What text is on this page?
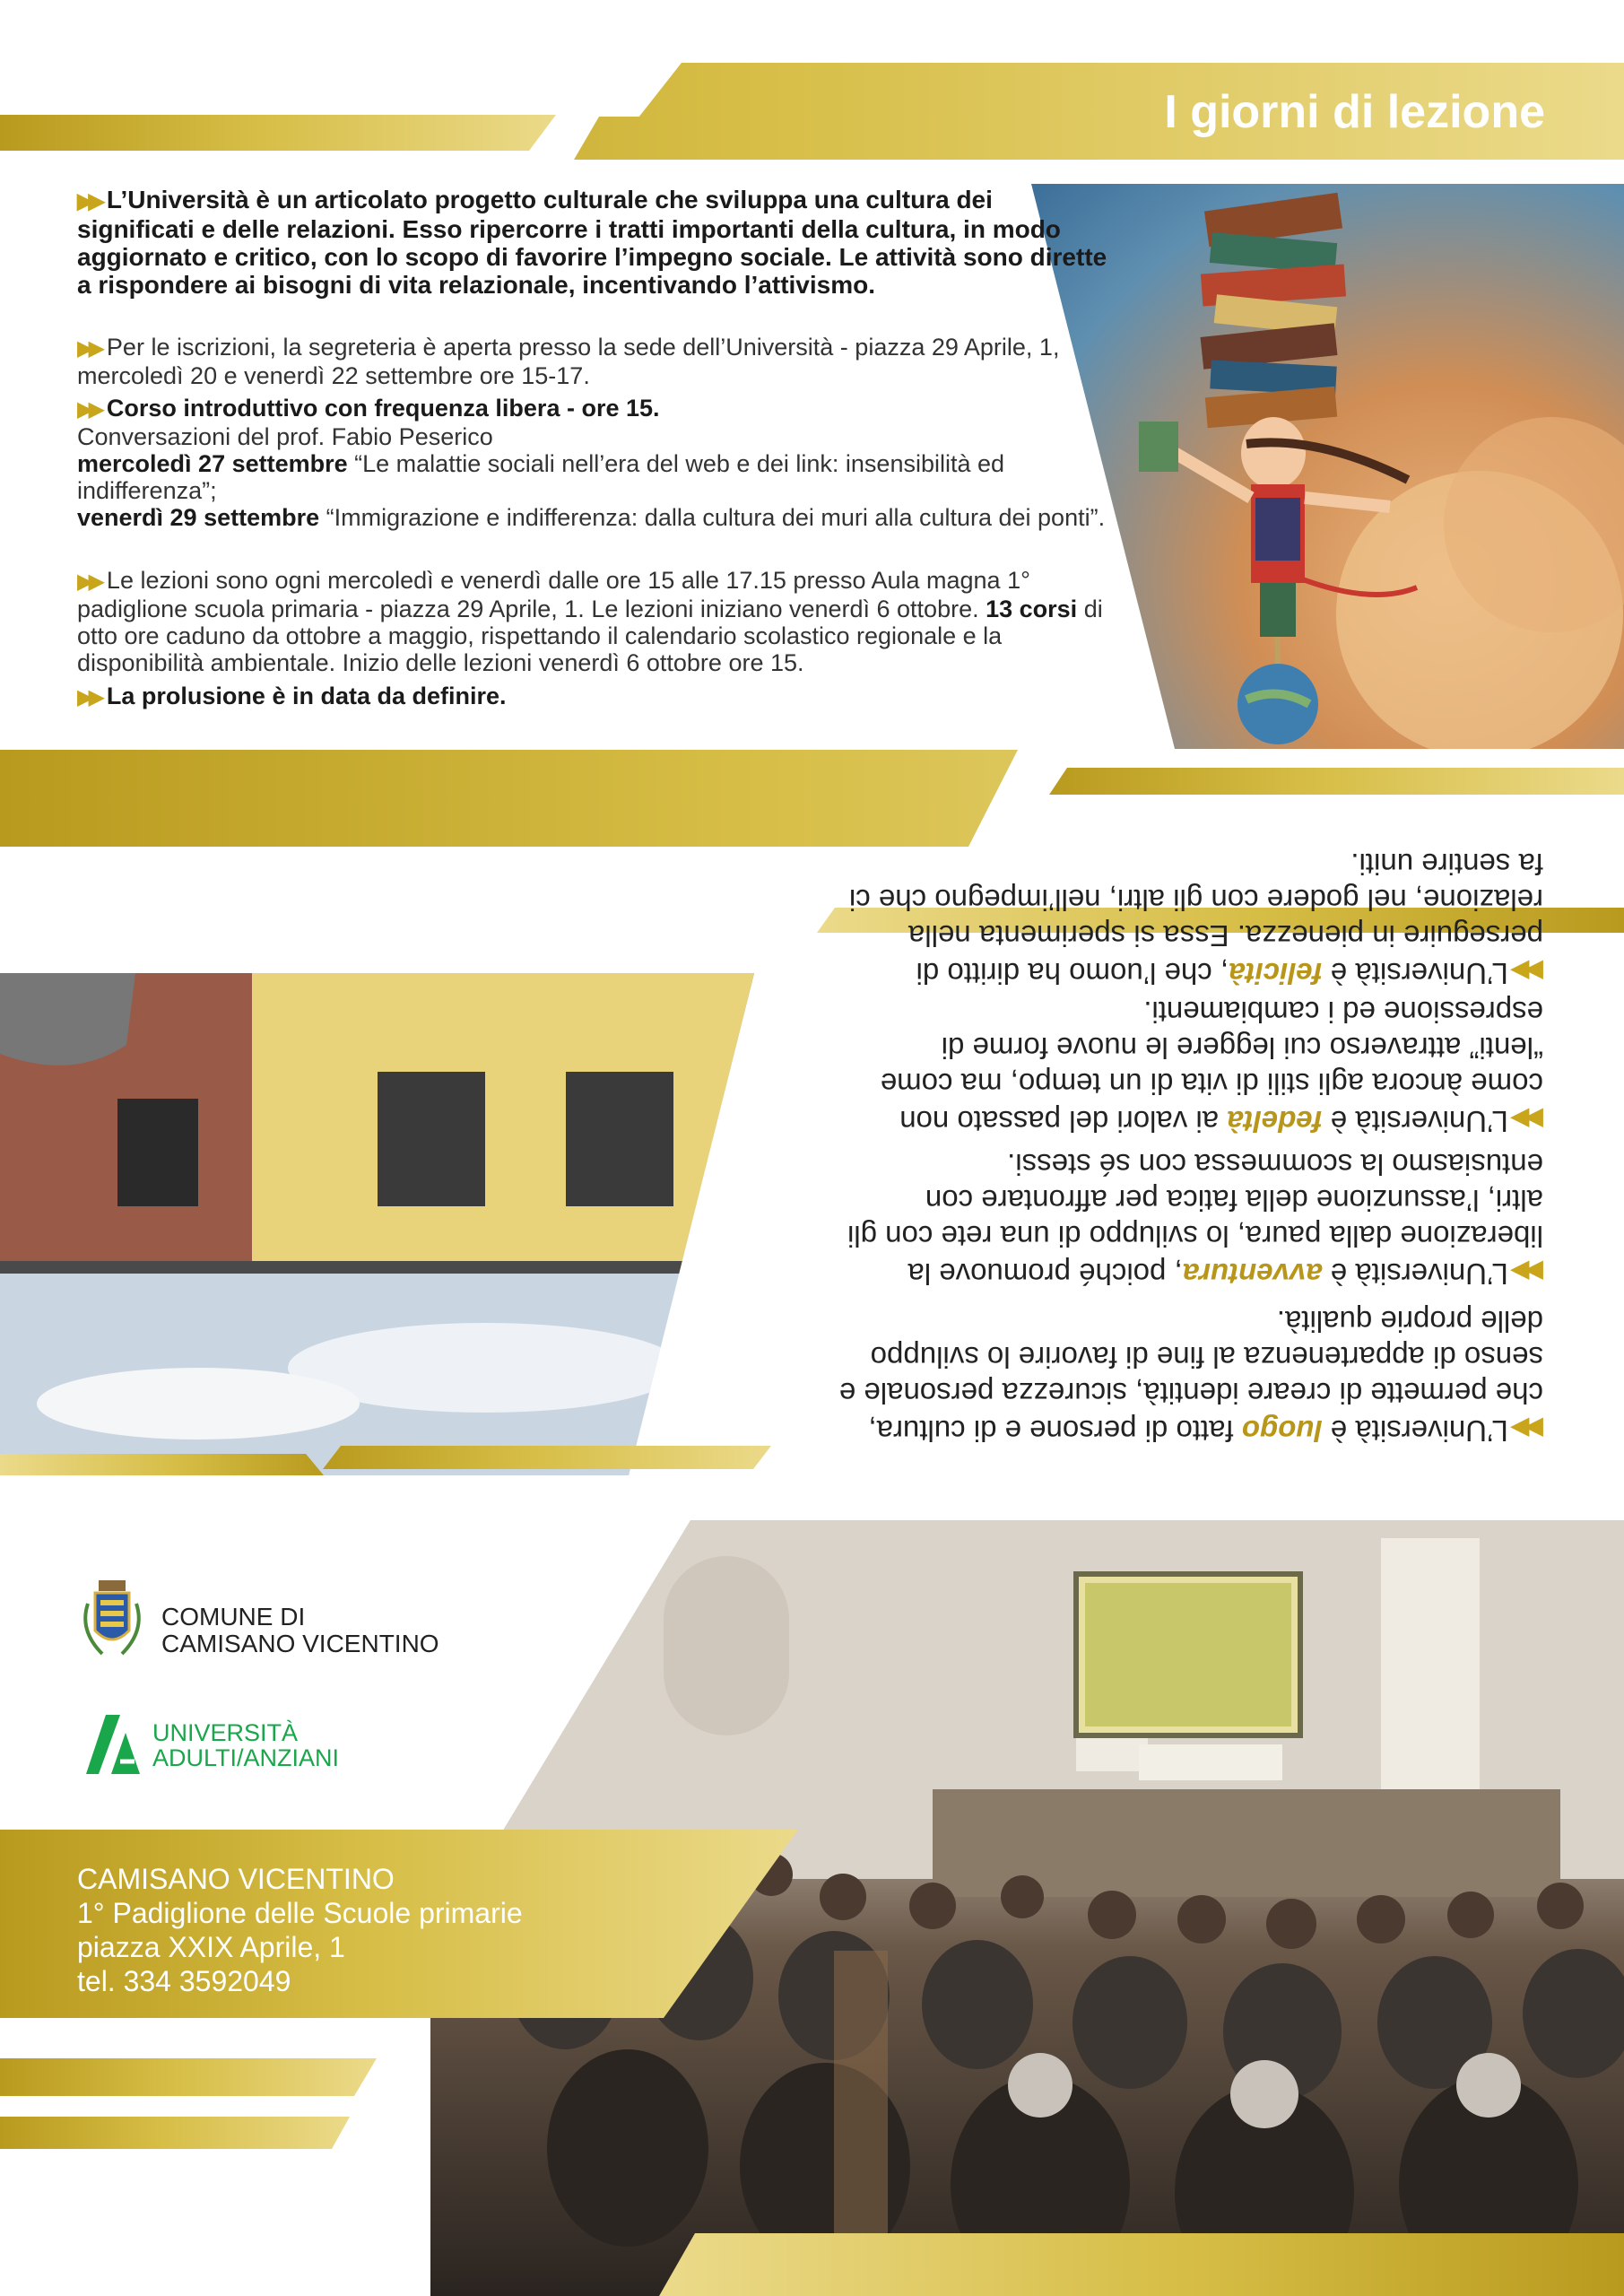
I giorni di lezione
▶▶ L’Università è un articolato progetto culturale che sviluppa una cultura dei significati e delle relazioni. Esso ripercorre i tratti importanti della cultura, in modo aggiornato e critico, con lo scopo di favorire l’impegno sociale. Le attività sono dirette a rispondere ai bisogni di vita relazionale, incentivando l’attivismo.
▶▶ Per le iscrizioni, la segreteria è aperta presso la sede dell’Università - piazza 29 Aprile, 1, mercoledì 20 e venerdì 22 settembre ore 15-17.
▶▶ Corso introduttivo con frequenza libera - ore 15.
Conversazioni del prof. Fabio Peserico
mercoledì 27 settembre “Le malattie sociali nell’era del web e dei link: insensibilità ed indifferenza”;
venerdì 29 settembre “Immigrazione e indifferenza: dalla cultura dei muri alla cultura dei ponti”.
▶▶ Le lezioni sono ogni mercoledì e venerdì dalle ore 15 alle 17.15 presso Aula magna 1° padiglione scuola primaria - piazza 29 Aprile, 1. Le lezioni iniziano venerdì 6 ottobre. 13 corsi di otto ore caduno da ottobre a maggio, rispettando il calendario scolastico regionale e la disponibilità ambientale. Inizio delle lezioni venerdì 6 ottobre ore 15.
▶▶ La prolusione è in data da definire.
▶▶L’Università è luogo fatto di persone e di cultura, che permette di creare identità, sicurezza personale e senso di appartenenza al fine di favorire lo sviluppo delle proprie qualità.
▶▶L’Università è avventura, poiché promuove la liberazione dalla paura, lo sviluppo di una rete con gli altri, l’assunzione della fatica per affrontare con entusiasmo la scommessa con sé stessi.
▶▶L’Università è fedeltà ai valori del passato non come àncora agli stili di vita di un tempo, ma come “lenti” attraverso cui leggere le nuove forme di espressione ed i cambiamenti.
▶▶L’Università è felicità, che l’uomo ha diritto di perseguire in pienezza. Essa si sperimenta nella relazione, nel godere con gli altri, nell’impegno che ci fa sentire uniti.
CAMISANO VICENTINO
1° Padiglione delle Scuole primarie
piazza XXIX Aprile, 1
tel. 334 3592049
COMUNE DI
CAMISANO VICENTINO
UNIVERSITÀ
ADULTI/ANZIANI
